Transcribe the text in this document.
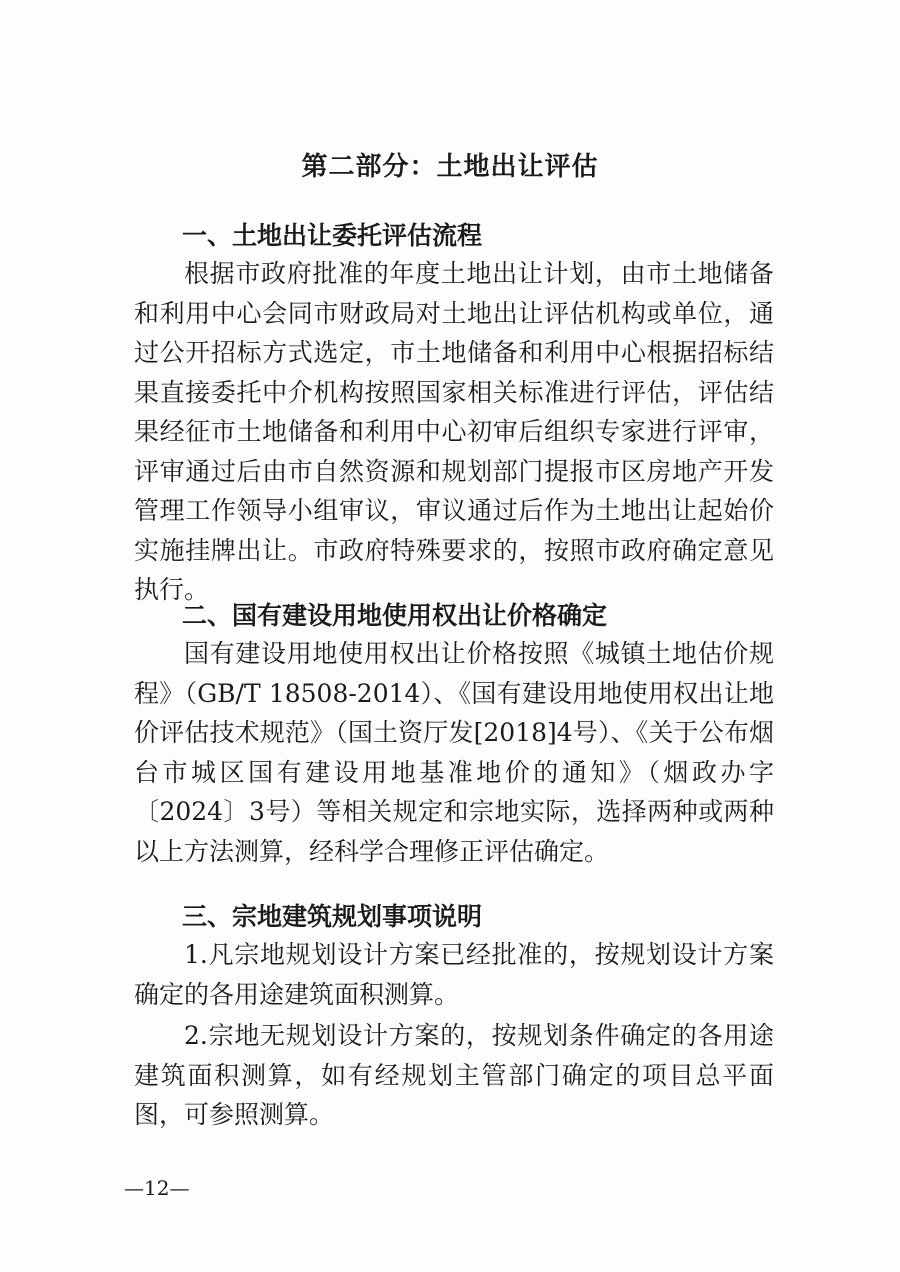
第二部分：土地出让评估
一、土地出让委托评估流程

根据市政府批准的年度土地出让计划，由市土地储备和利用中心会同市财政局对土地出让评估机构或单位，通过公开招标方式选定，市土地储备和利用中心根据招标结果直接委托中介机构按照国家相关标准进行评估，评估结果经征市土地储备和利用中心初审后组织专家进行评审，评审通过后由市自然资源和规划部门提报市区房地产开发管理工作领导小组审议，审议通过后作为土地出让起始价实施挂牌出让。市政府特殊要求的，按照市政府确定意见执行。

二、国有建设用地使用权出让价格确定

国有建设用地使用权出让价格按照《城镇土地估价规程》（GB/T 18508-2014）、《国有建设用地使用权出让地价评估技术规范》（国土资厅发[2018]4号）、《关于公布烟台市城区国有建设用地基准地价的通知》（烟政办字〔2024〕3号）等相关规定和宗地实际，选择两种或两种以上方法测算，经科学合理修正评估确定。

三、宗地建筑规划事项说明

1.凡宗地规划设计方案已经批准的，按规划设计方案确定的各用途建筑面积测算。

2.宗地无规划设计方案的，按规划条件确定的各用途建筑面积测算，如有经规划主管部门确定的项目总平面图，可参照测算。

—12—
